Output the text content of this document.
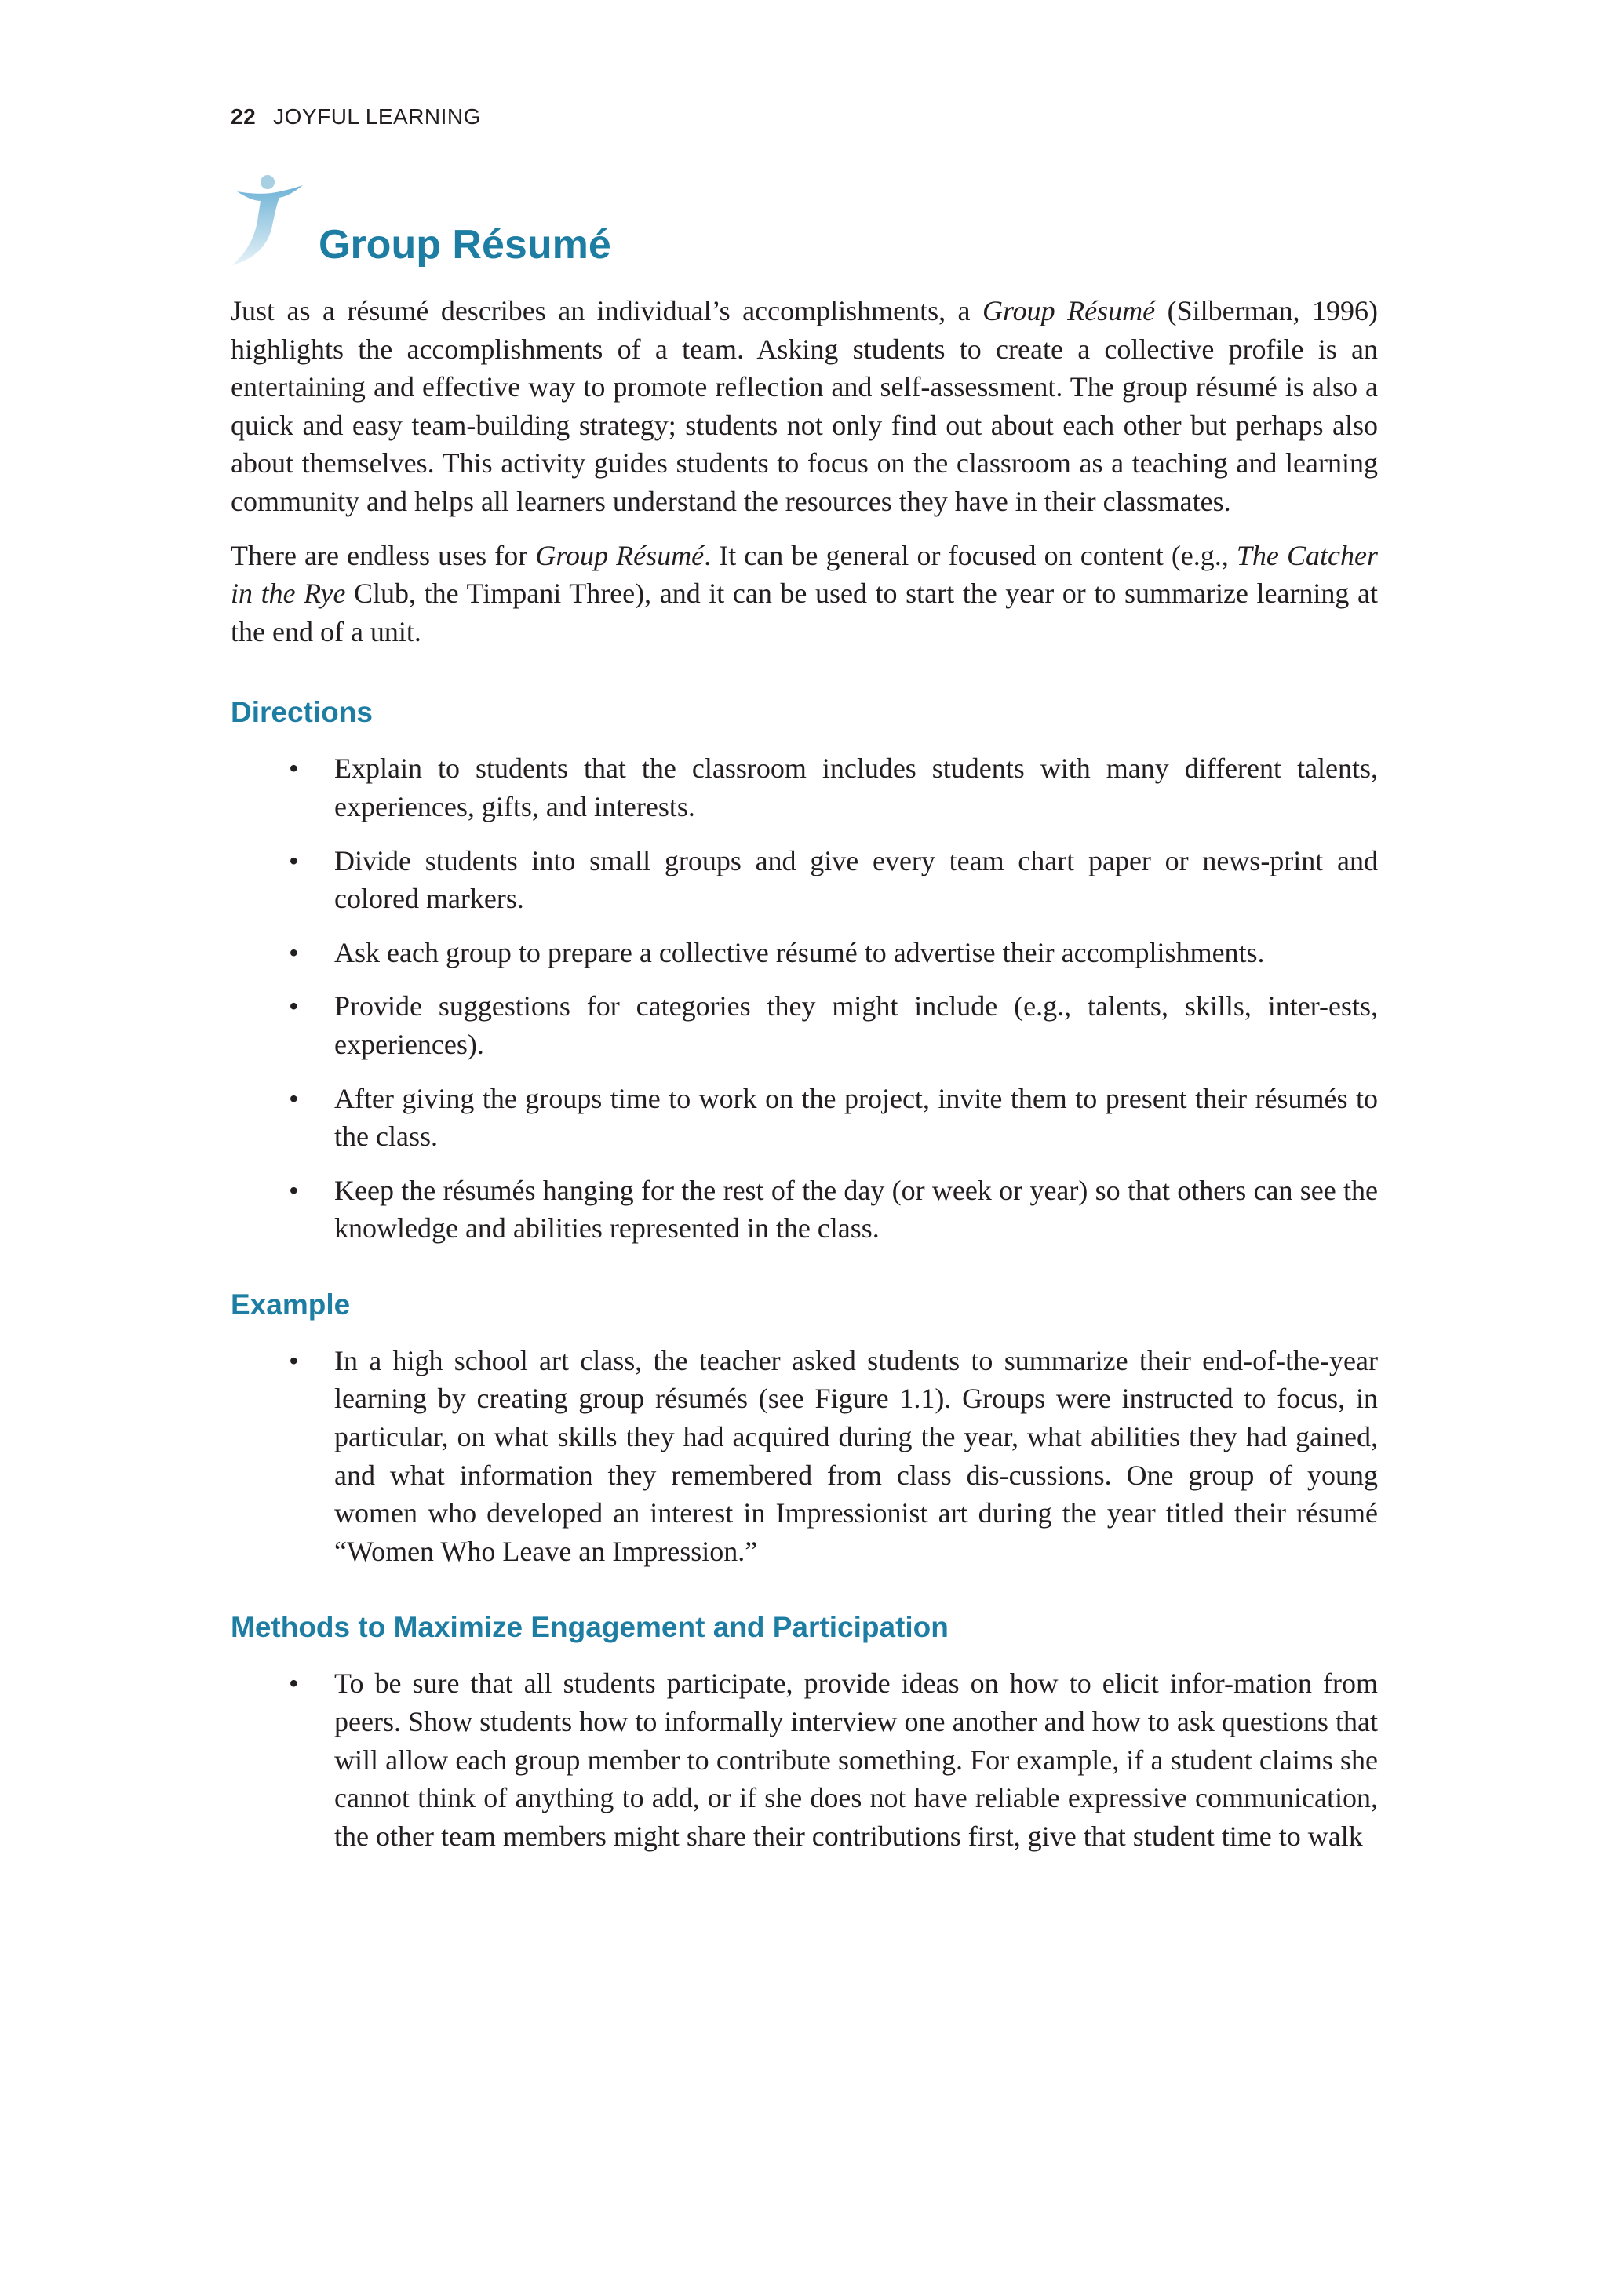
22 JOYFUL LEARNING
Group Résumé

Just as a résumé describes an individual’s accomplishments, a Group Résumé (Silberman, 1996) highlights the accomplishments of a team. Asking students to create a collective profile is an entertaining and effective way to promote reflection and self-assessment. The group résumé is also a quick and easy team-building strategy; students not only find out about each other but perhaps also about themselves. This activity guides students to focus on the classroom as a teaching and learning community and helps all learners understand the resources they have in their classmates.

There are endless uses for Group Résumé. It can be general or focused on content (e.g., The Catcher in the Rye Club, the Timpani Three), and it can be used to start the year or to summarize learning at the end of a unit.

Directions
• Explain to students that the classroom includes students with many different talents, experiences, gifts, and interests.
• Divide students into small groups and give every team chart paper or news-print and colored markers.
• Ask each group to prepare a collective résumé to advertise their accomplishments.
• Provide suggestions for categories they might include (e.g., talents, skills, inter-ests, experiences).
• After giving the groups time to work on the project, invite them to present their résumés to the class.
• Keep the résumés hanging for the rest of the day (or week or year) so that others can see the knowledge and abilities represented in the class.
Example
• In a high school art class, the teacher asked students to summarize their end-of-the-year learning by creating group résumés (see Figure 1.1). Groups were instructed to focus, in particular, on what skills they had acquired during the year, what abilities they had gained, and what information they remembered from class dis-cussions. One group of young women who developed an interest in Impressionist art during the year titled their résumé “Women Who Leave an Impression.”
Methods to Maximize Engagement and Participation
• To be sure that all students participate, provide ideas on how to elicit infor-mation from peers. Show students how to informally interview one another and how to ask questions that will allow each group member to contribute something. For example, if a student claims she cannot think of anything to add, or if she does not have reliable expressive communication, the other team members might share their contributions first, give that student time to walk
